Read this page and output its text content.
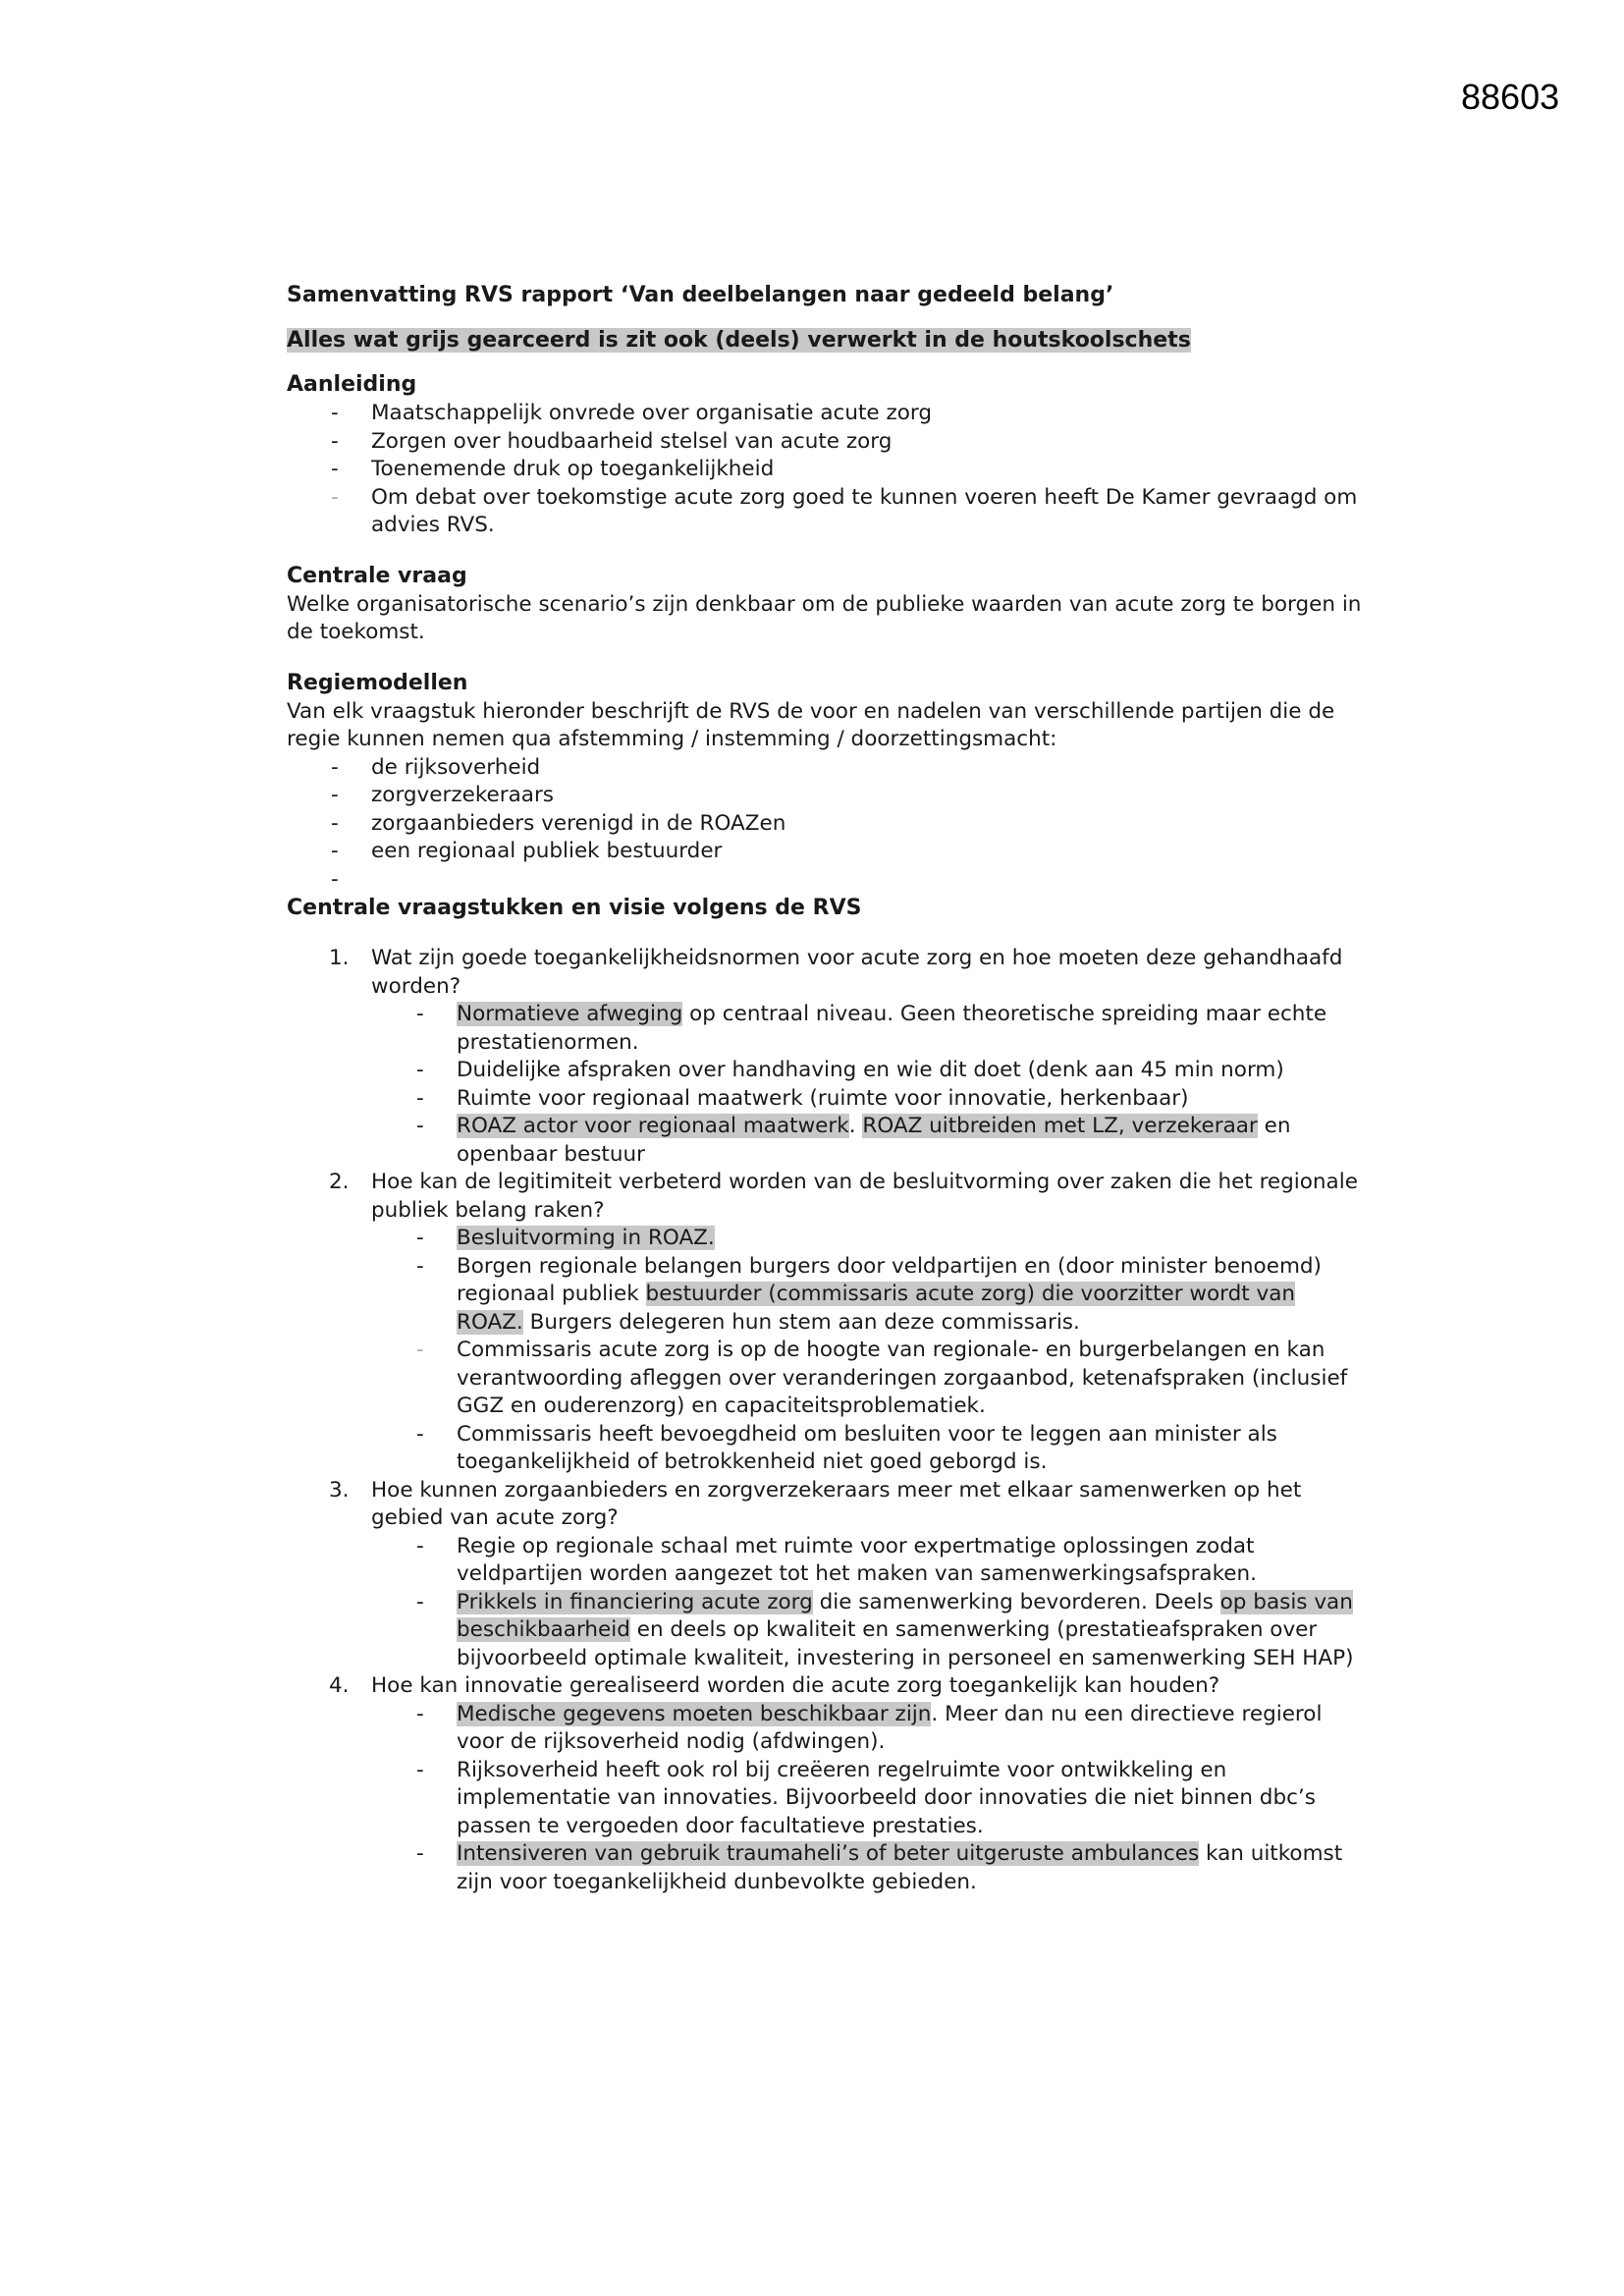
88603
Samenvatting RVS rapport ‘Van deelbelangen naar gedeeld belang’
Alles wat grijs gearceerd is zit ook (deels) verwerkt in de houtskoolschets
Aanleiding
- Maatschappelijk onvrede over organisatie acute zorg
- Zorgen over houdbaarheid stelsel van acute zorg
- Toenemende druk op toegankelijkheid
- Om debat over toekomstige acute zorg goed te kunnen voeren heeft De Kamer gevraagd om advies RVS.
Centrale vraag

Welke organisatorische scenario’s zijn denkbaar om de publieke waarden van acute zorg te borgen in de toekomst.

Regiemodellen

Van elk vraagstuk hieronder beschrijft de RVS de voor en nadelen van verschillende partijen die de regie kunnen nemen qua afstemming / instemming / doorzettingsmacht:

- de rijksoverheid
- zorgverzekeraars
- zorgaanbieders verenigd in de ROAZen
- een regionaal publiek bestuurder
-
Centrale vraagstukken en visie volgens de RVS
1. Wat zijn goede toegankelijkheidsnormen voor acute zorg en hoe moeten deze gehandhaafd worden?
- Normatieve afweging op centraal niveau. Geen theoretische spreiding maar echte prestatienormen.
- Duidelijke afspraken over handhaving en wie dit doet (denk aan 45 min norm)
- Ruimte voor regionaal maatwerk (ruimte voor innovatie, herkenbaar)
- ROAZ actor voor regionaal maatwerk. ROAZ uitbreiden met LZ, verzekeraar en openbaar bestuur
2. Hoe kan de legitimiteit verbeterd worden van de besluitvorming over zaken die het regionale publiek belang raken?
- Besluitvorming in ROAZ.
- Borgen regionale belangen burgers door veldpartijen en (door minister benoemd) regionaal publiek bestuurder (commissaris acute zorg) die voorzitter wordt van ROAZ. Burgers delegeren hun stem aan deze commissaris.
- Commissaris acute zorg is op de hoogte van regionale- en burgerbelangen en kan verantwoording afleggen over veranderingen zorgaanbod, ketenafspraken (inclusief GGZ en ouderenzorg) en capaciteitsproblematiek.
- Commissaris heeft bevoegdheid om besluiten voor te leggen aan minister als toegankelijkheid of betrokkenheid niet goed geborgd is.
3. Hoe kunnen zorgaanbieders en zorgverzekeraars meer met elkaar samenwerken op het gebied van acute zorg?
- Regie op regionale schaal met ruimte voor expertmatige oplossingen zodat veldpartijen worden aangezet tot het maken van samenwerkingsafspraken.
- Prikkels in financiering acute zorg die samenwerking bevorderen. Deels op basis van beschikbaarheid en deels op kwaliteit en samenwerking (prestatieafspraken over bijvoorbeeld optimale kwaliteit, investering in personeel en samenwerking SEH HAP)
4. Hoe kan innovatie gerealiseerd worden die acute zorg toegankelijk kan houden?
- Medische gegevens moeten beschikbaar zijn. Meer dan nu een directieve regierol voor de rijksoverheid nodig (afdwingen).
- Rijksoverheid heeft ook rol bij creëeren regelruimte voor ontwikkeling en implementatie van innovaties. Bijvoorbeeld door innovaties die niet binnen dbc’s passen te vergoeden door facultatieve prestaties.
- Intensiveren van gebruik traumaheli’s of beter uitgeruste ambulances kan uitkomst zijn voor toegankelijkheid dunbevolkte gebieden.
